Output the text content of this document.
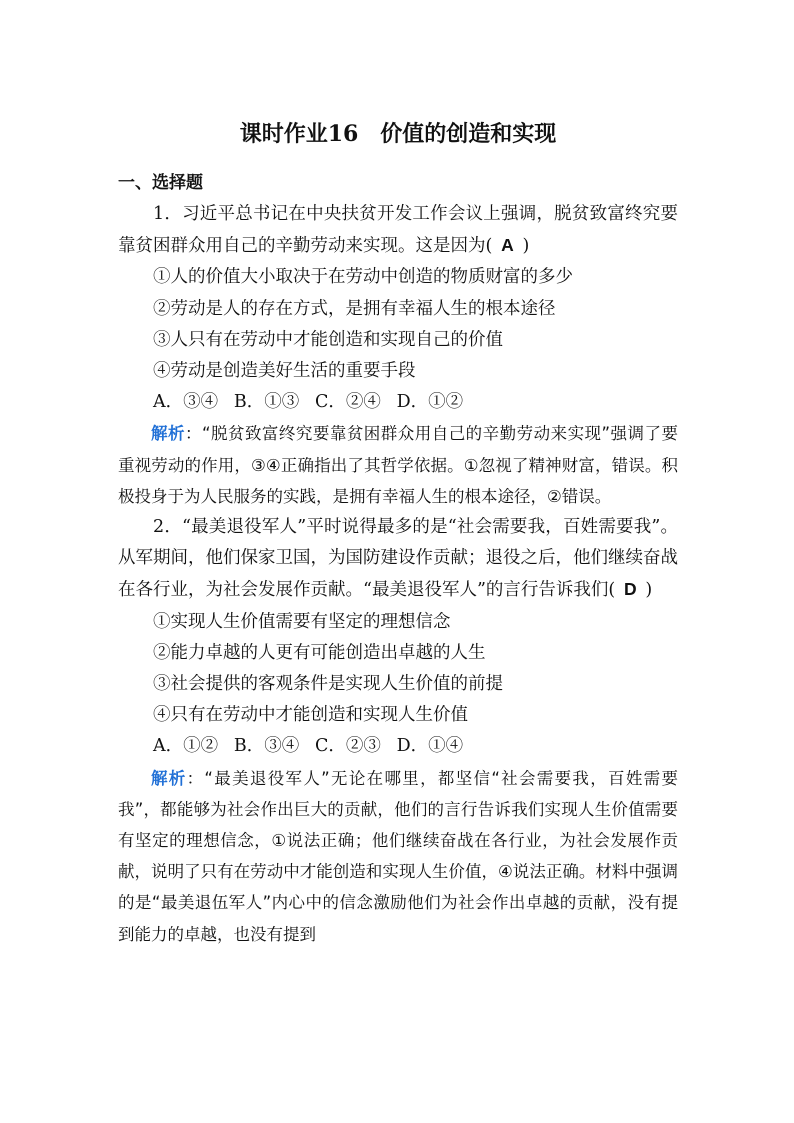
课时作业16　价值的创造和实现
一、选择题

1．习近平总书记在中央扶贫开发工作会议上强调，脱贫致富终究要靠贫困群众用自己的辛勤劳动来实现。这是因为( A )

①人的价值大小取决于在劳动中创造的物质财富的多少

②劳动是人的存在方式，是拥有幸福人生的根本途径

③人只有在劳动中才能创造和实现自己的价值

④劳动是创造美好生活的重要手段

A．③④ B．①③ C．②④ D．①②

解析：“脱贫致富终究要靠贫困群众用自己的辛勤劳动来实现”强调了要重视劳动的作用，③④正确指出了其哲学依据。①忽视了精神财富，错误。积极投身于为人民服务的实践，是拥有幸福人生的根本途径，②错误。

2．“最美退役军人”平时说得最多的是“社会需要我，百姓需要我”。从军期间，他们保家卫国，为国防建设作贡献；退役之后，他们继续奋战在各行业，为社会发展作贡献。“最美退役军人”的言行告诉我们( D )

①实现人生价值需要有坚定的理想信念

②能力卓越的人更有可能创造出卓越的人生

③社会提供的客观条件是实现人生价值的前提

④只有在劳动中才能创造和实现人生价值

A．①② B．③④ C．②③ D．①④

解析：“最美退役军人”无论在哪里，都坚信“社会需要我，百姓需要我”，都能够为社会作出巨大的贡献，他们的言行告诉我们实现人生价值需要有坚定的理想信念，①说法正确；他们继续奋战在各行业，为社会发展作贡献，说明了只有在劳动中才能创造和实现人生价值，④说法正确。材料中强调的是“最美退伍军人”内心中的信念激励他们为社会作出卓越的贡献，没有提到能力的卓越，也没有提到
